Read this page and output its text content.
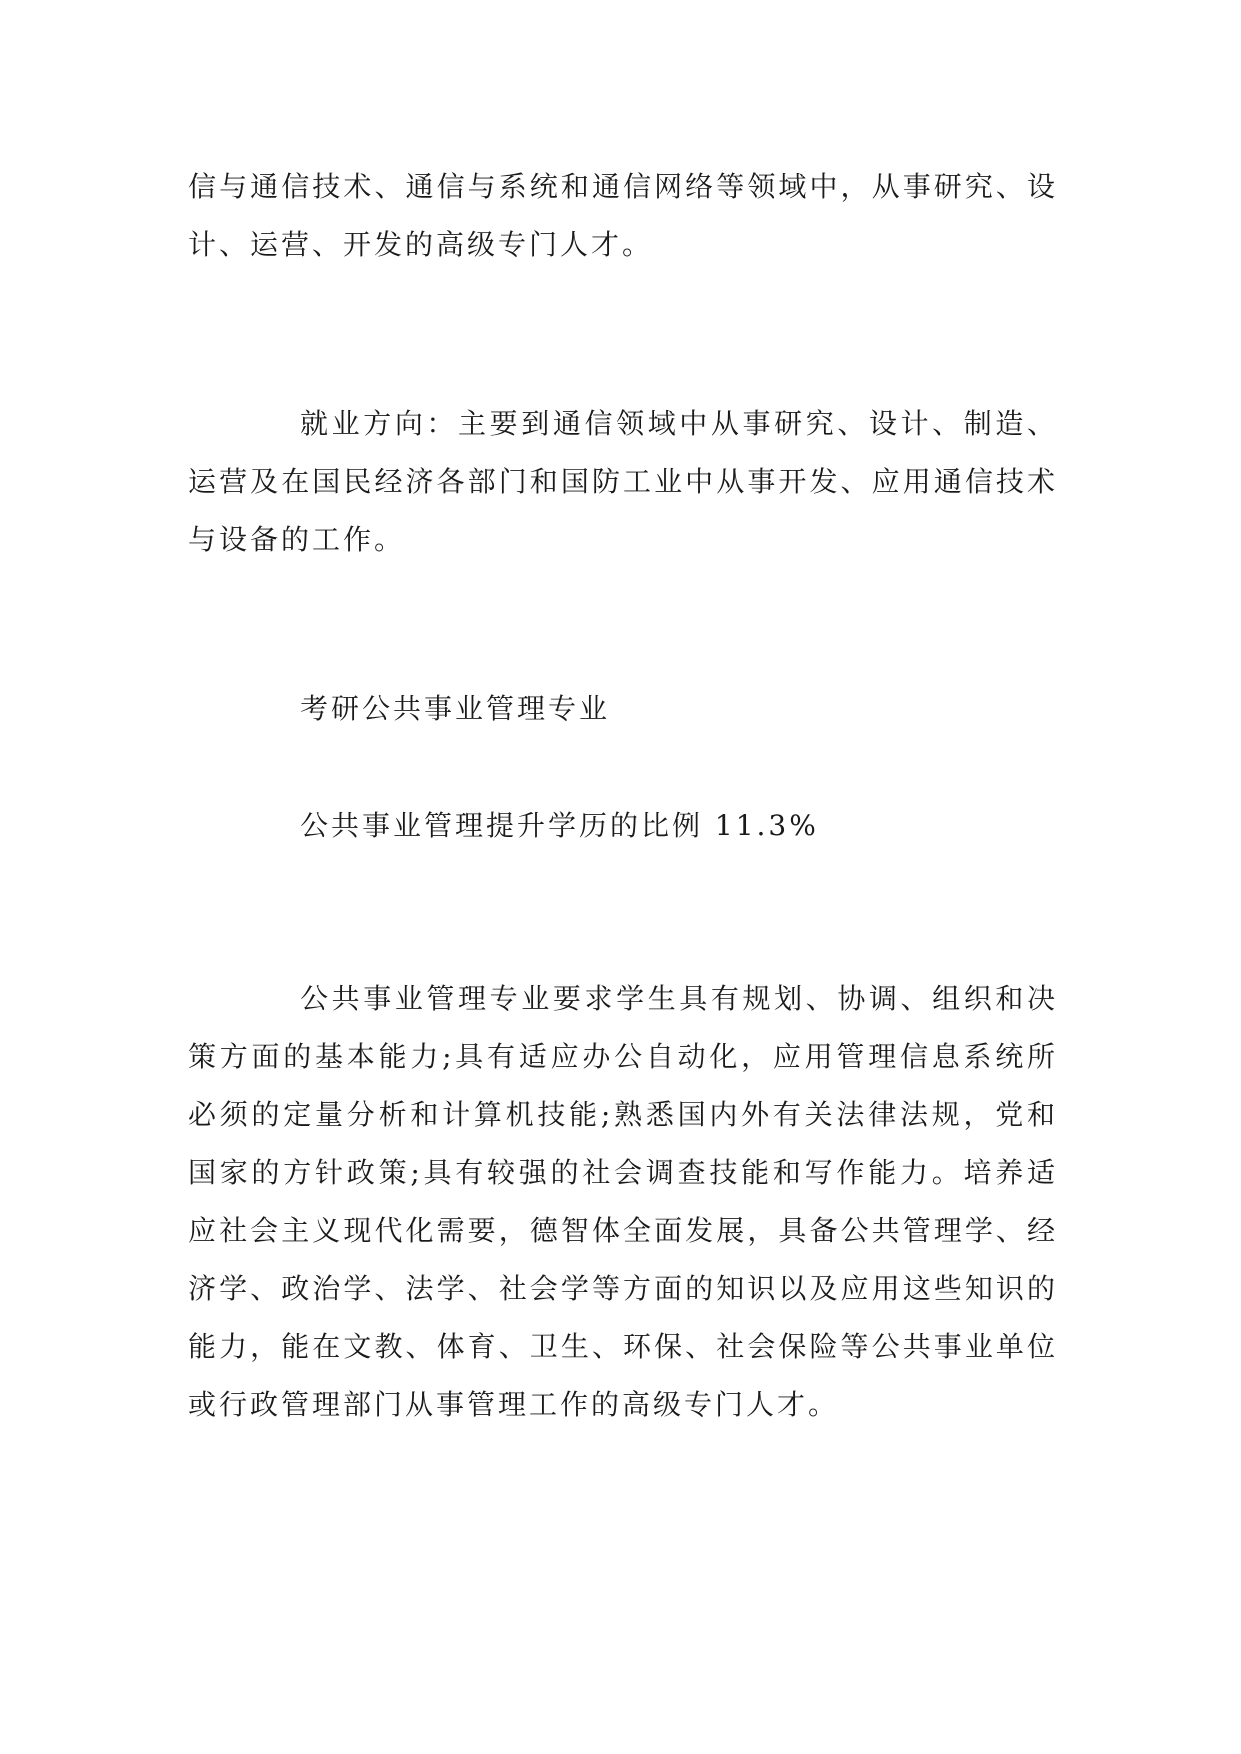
信与通信技术、通信与系统和通信网络等领域中，从事研究、设计、运营、开发的高级专门人才。

就业方向：主要到通信领域中从事研究、设计、制造、运营及在国民经济各部门和国防工业中从事开发、应用通信技术与设备的工作。

考研公共事业管理专业

公共事业管理提升学历的比例 11.3%

公共事业管理专业要求学生具有规划、协调、组织和决策方面的基本能力;具有适应办公自动化，应用管理信息系统所必须的定量分析和计算机技能;熟悉国内外有关法律法规，党和国家的方针政策;具有较强的社会调查技能和写作能力。培养适应社会主义现代化需要，德智体全面发展，具备公共管理学、经济学、政治学、法学、社会学等方面的知识以及应用这些知识的能力，能在文教、体育、卫生、环保、社会保险等公共事业单位或行政管理部门从事管理工作的高级专门人才。
